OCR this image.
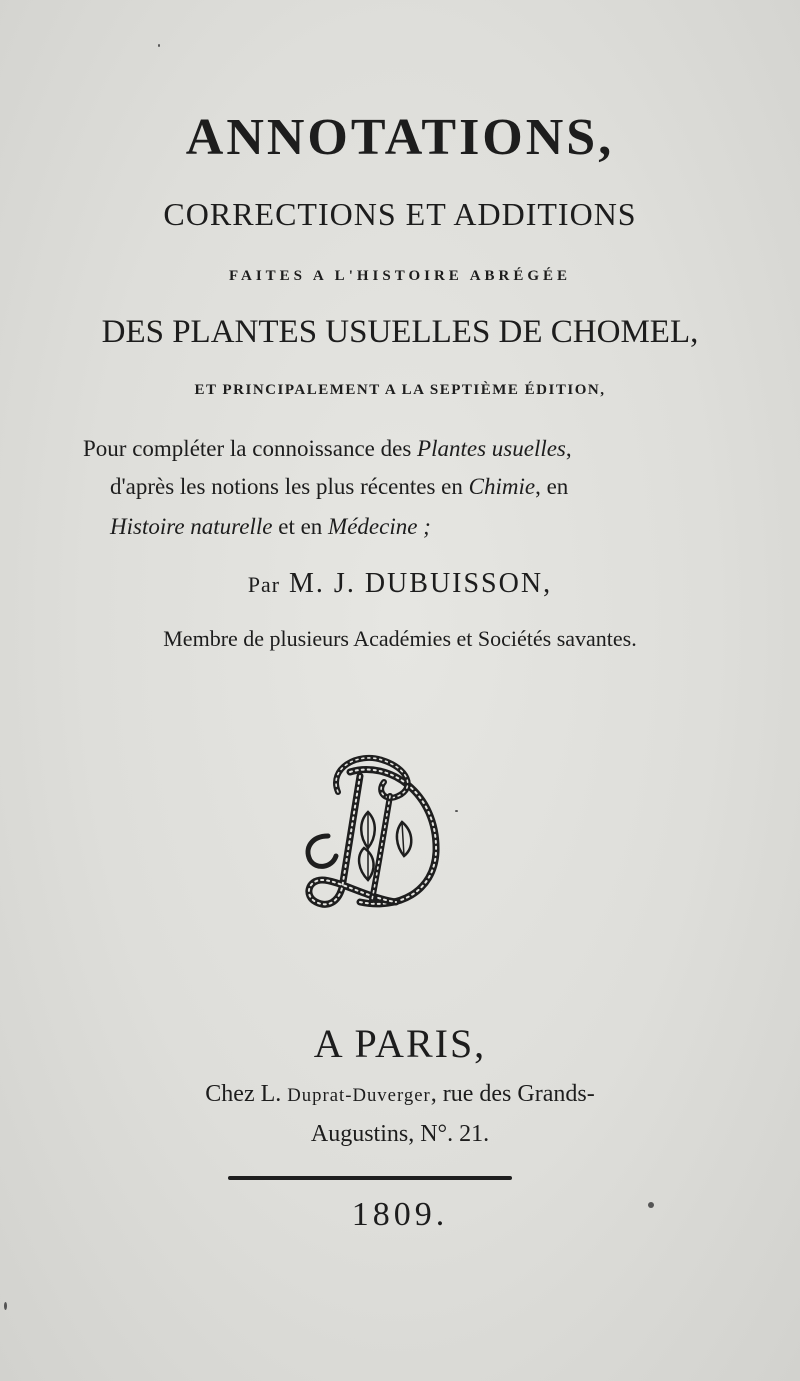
ANNOTATIONS,
CORRECTIONS ET ADDITIONS
FAITES A L'HISTOIRE ABRÉGÉE
DES PLANTES USUELLES DE CHOMEL,
ET PRINCIPALEMENT A LA SEPTIÈME ÉDITION,
Pour compléter la connoissance des Plantes usuelles,
d'après les notions les plus récentes en Chimie, en
Histoire naturelle et en Médecine ;
Par M. J. DUBUISSON,
Membre de plusieurs Académies et Sociétés savantes.
A PARIS,
Chez L. Duprat-Duverger, rue des Grands-
Augustins, N°. 21.
1809.
